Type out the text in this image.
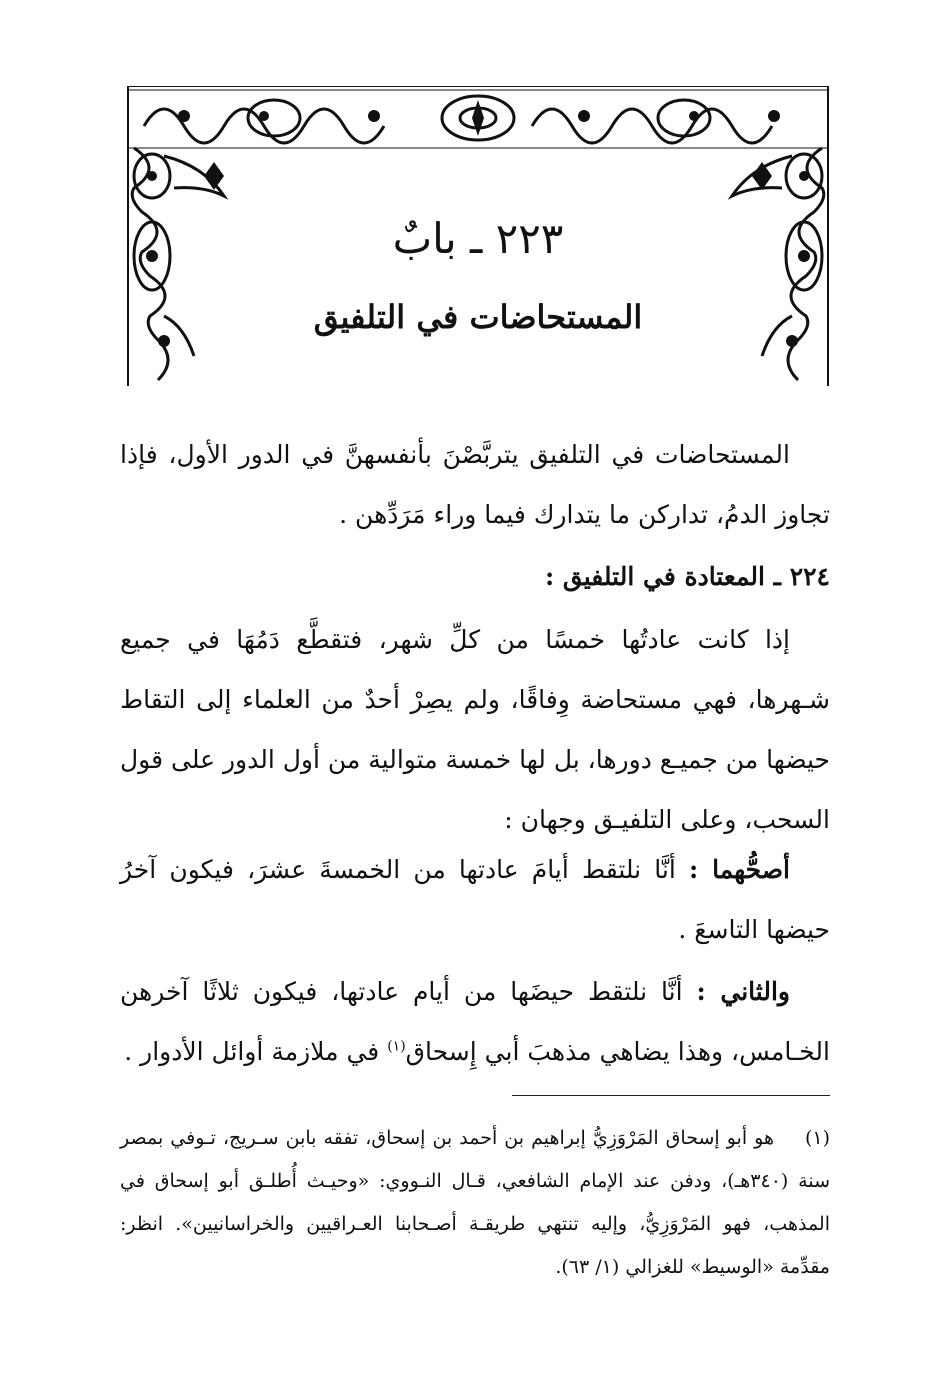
٢٢٣ ـ بابٌ
المستحاضات في التلفيق
المستحاضات في التلفيق يتربَّصْنَ بأنفسهنَّ في الدور الأول، فإذا تجاوز الدمُ، تداركن ما يتدارك فيما وراء مَرَدِّهن .
٢٢٤ ـ المعتادة في التلفيق :
إذا كانت عادتُها خمسًا من كلِّ شهر، فتقطَّع دَمُهَا في جميع شـهرها، فهي مستحاضة وِفاقًا، ولم يصِرْ أحدٌ من العلماء إلى التقاط حيضها من جميـع دورها، بل لها خمسة متوالية من أول الدور على قول السحب، وعلى التلفيـق وجهان :
أصحُّهما : أنَّا نلتقط أيامَ عادتها من الخمسةَ عشرَ، فيكون آخرُ حيضها التاسعَ .
والثاني : أنَّا نلتقط حيضَها من أيام عادتها، فيكون ثلاثًا آخرهن الخـامس، وهذا يضاهي مذهبَ أبي إِسحاق$^{(١)}$ في ملازمة أوائل الأدوار .
(١)هو أبو إسحاق المَرْوَزِيُّ إبراهيم بن أحمد بن إسحاق، تفقه بابن سـريج، تـوفي بمصر سنة (٣٤٠هـ)، ودفن عند الإمام الشافعي، قـال النـووي: «وحيـث أُطلـق أبو إسحاق في المذهب، فهو المَرْوَزِيُّ، وإليه تنتهي طريقـة أصـحابنا العـراقيين والخراسانيين». انظر: مقدِّمة «الوسيط» للغزالي (١/ ٦٣).
